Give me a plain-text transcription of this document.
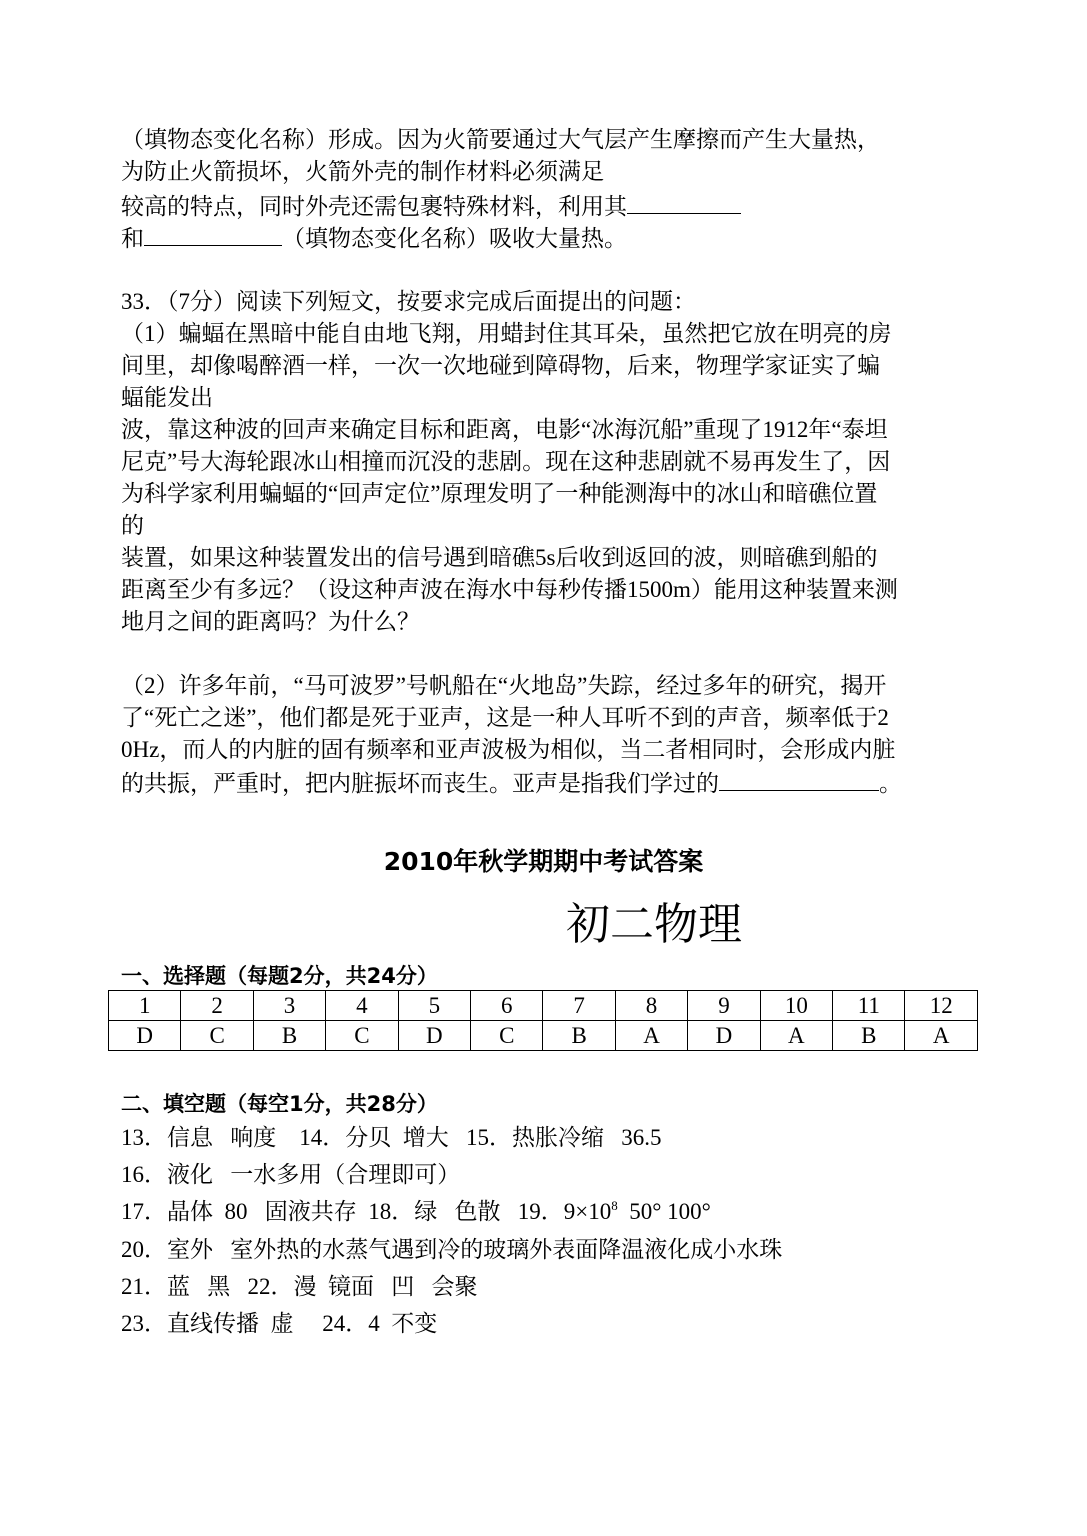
（填物态变化名称）形成。因为火箭要通过大气层产生摩擦而产生大量热，
为防止火箭损坏，火箭外壳的制作材料必须满足
较高的特点，同时外壳还需包裹特殊材料，利用其
和	（填物态变化名称）吸收大量热。
33．（7分）阅读下列短文，按要求完成后面提出的问题：
（1）蝙蝠在黑暗中能自由地飞翔，用蜡封住其耳朵，虽然把它放在明亮的房
间里，却像喝醉酒一样，一次一次地碰到障碍物，后来，物理学家证实了蝙
蝠能发出
波，靠这种波的回声来确定目标和距离，电影“冰海沉船”重现了1912年“泰坦
尼克”号大海轮跟冰山相撞而沉没的悲剧。现在这种悲剧就不易再发生了，因
为科学家利用蝙蝠的“回声定位”原理发明了一种能测海中的冰山和暗礁位置
的
装置，如果这种装置发出的信号遇到暗礁5s后收到返回的波，则暗礁到船的
距离至少有多远？（设这种声波在海水中每秒传播1500m）能用这种装置来测
地月之间的距离吗？为什么？
（2）许多年前，“马可波罗”号帆船在“火地岛”失踪，经过多年的研究，揭开
了“死亡之迷”，他们都是死于亚声，这是一种人耳听不到的声音，频率低于2
0Hz，而人的内脏的固有频率和亚声波极为相似，当二者相同时，会形成内脏
的共振，严重时，把内脏振坏而丧生。亚声是指我们学过的	。
2010年秋学期期中考试答案
初二物理
一、选择题（每题2分，共24分）
1	2	3	4	5	6	7	8	9	10	11	12
D	C	B	C	D	C	B	A	D	A	B	A
二、填空题（每空1分，共28分）
13．信息   响度    14．分贝  增大   15．热胀冷缩   36.5
16．液化   一水多用（合理即可）
17．晶体  80   固液共存  18．绿   色散   19．$9\times 10^8$  50° 100°
20．室外   室外热的水蒸气遇到冷的玻璃外表面降温液化成小水珠
21．蓝   黑   22．漫  镜面   凹   会聚
23．直线传播  虚     24．4  不变
